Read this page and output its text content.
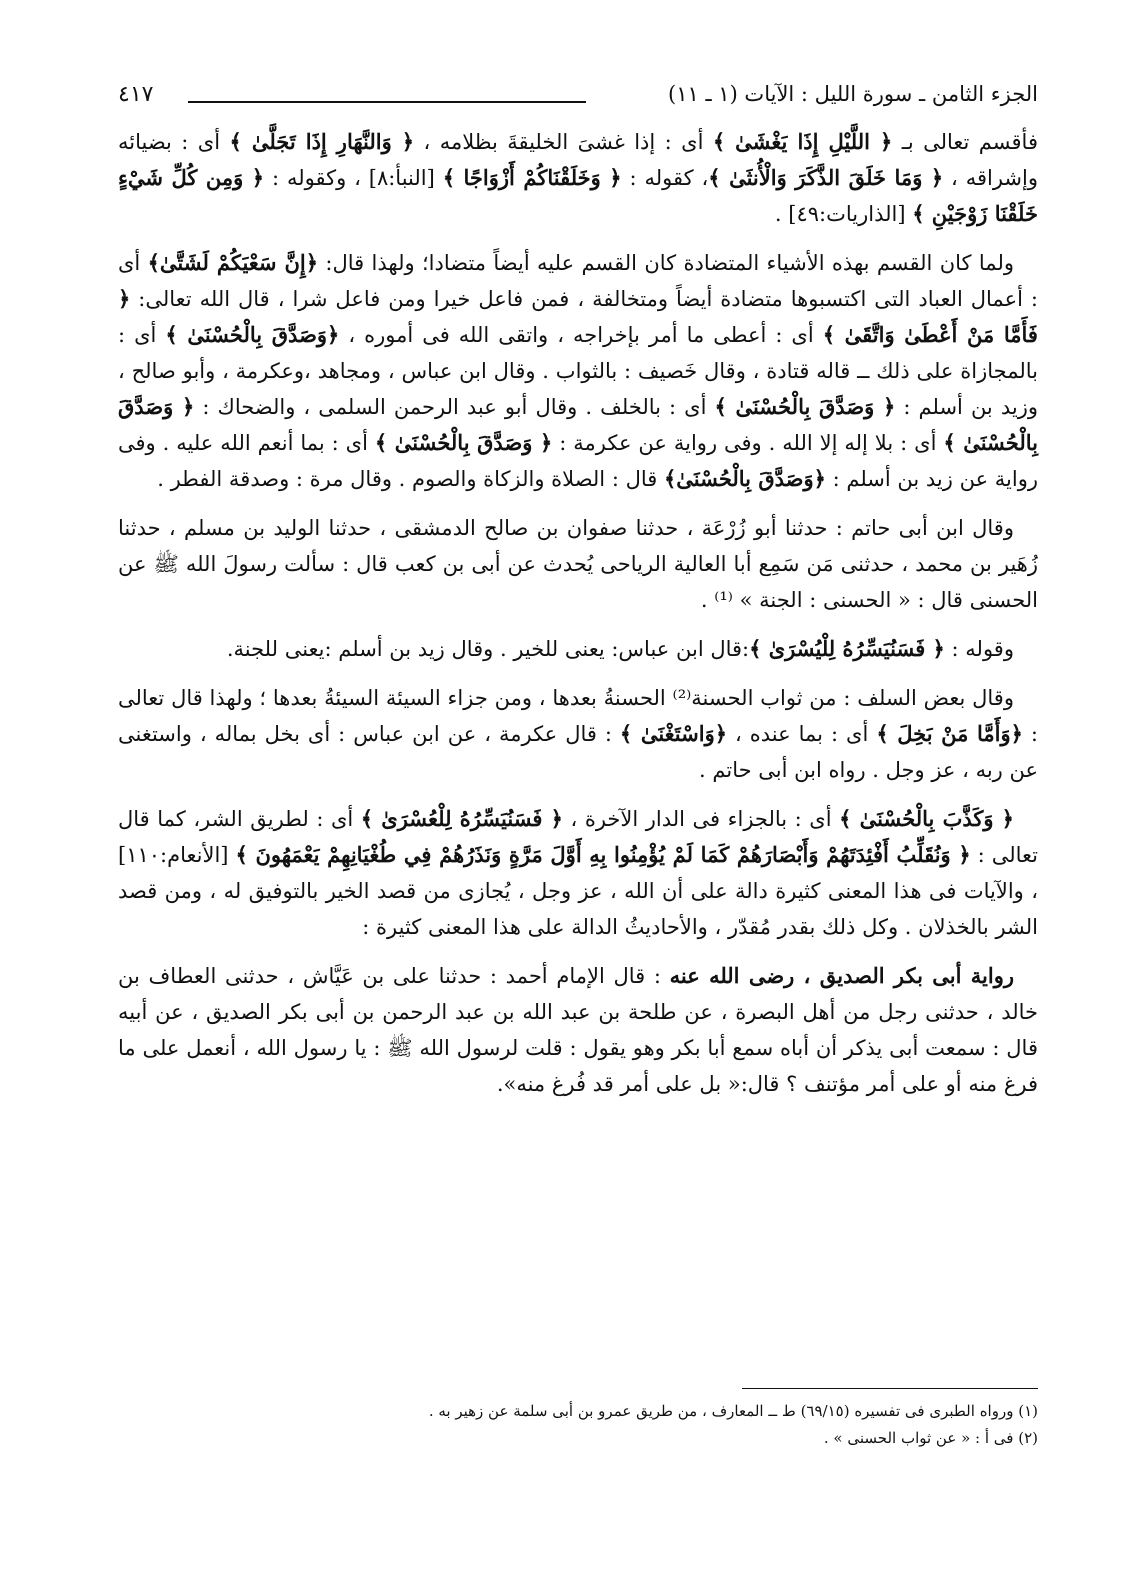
الجزء الثامن ـ سورة الليل : الآيات (١ ـ ١١)
٤١٧

فأقسم تعالى بـ ﴿ اللَّيْلِ إِذَا يَغْشَىٰ ﴾ أى : إذا غشىَ الخليقةَ بظلامه ، ﴿ وَالنَّهَارِ إِذَا تَجَلَّىٰ ﴾ أى : بضيائه وإشراقه ، ﴿ وَمَا خَلَقَ الذَّكَرَ وَالْأُنثَىٰ ﴾، كقوله : ﴿ وَخَلَقْنَاكُمْ أَزْوَاجًا ﴾ [النبأ:٨] ، وكقوله : ﴿ وَمِن كُلِّ شَيْءٍ خَلَقْنَا زَوْجَيْنِ ﴾ [الذاريات:٤٩] .

ولما كان القسم بهذه الأشياء المتضادة كان القسم عليه أيضاً متضادا؛ ولهذا قال: ﴿إِنَّ سَعْيَكُمْ لَشَتَّىٰ﴾ أى : أعمال العباد التى اكتسبوها متضادة أيضاً ومتخالفة ، فمن فاعل خيرا ومن فاعل شرا ، قال الله تعالى: ﴿ فَأَمَّا مَنْ أَعْطَىٰ وَاتَّقَىٰ ﴾ أى : أعطى ما أمر بإخراجه ، واتقى الله فى أموره ، ﴿وَصَدَّقَ بِالْحُسْنَىٰ ﴾ أى : بالمجازاة على ذلك ــ قاله قتادة ، وقال خَصيف : بالثواب . وقال ابن عباس ، ومجاهد ،وعكرمة ، وأبو صالح ، وزيد بن أسلم : ﴿ وَصَدَّقَ بِالْحُسْنَىٰ ﴾ أى : بالخلف . وقال أبو عبد الرحمن السلمى ، والضحاك : ﴿ وَصَدَّقَ بِالْحُسْنَىٰ ﴾ أى : بلا إله إلا الله . وفى رواية عن عكرمة : ﴿ وَصَدَّقَ بِالْحُسْنَىٰ ﴾ أى : بما أنعم الله عليه . وفى رواية عن زيد بن أسلم : ﴿وَصَدَّقَ بِالْحُسْنَىٰ﴾ قال : الصلاة والزكاة والصوم . وقال مرة : وصدقة الفطر .

وقال ابن أبى حاتم : حدثنا أبو زُرْعَة ، حدثنا صفوان بن صالح الدمشقى ، حدثنا الوليد بن مسلم ، حدثنا زُهَير بن محمد ، حدثنى مَن سَمِع أبا العالية الرياحى يُحدث عن أبى بن كعب قال : سألت رسولَ الله ﷺ عن الحسنى قال : « الحسنى : الجنة » ⁽¹⁾ .

وقوله : ﴿ فَسَنُيَسِّرُهُ لِلْيُسْرَىٰ ﴾:قال ابن عباس: يعنى للخير . وقال زيد بن أسلم :يعنى للجنة.

وقال بعض السلف : من ثواب الحسنة⁽²⁾ الحسنةُ بعدها ، ومن جزاء السيئة السيئةُ بعدها ؛ ولهذا قال تعالى : ﴿وَأَمَّا مَنْ بَخِلَ ﴾ أى : بما عنده ، ﴿وَاسْتَغْنَىٰ ﴾ : قال عكرمة ، عن ابن عباس : أى بخل بماله ، واستغنى عن ربه ، عز وجل . رواه ابن أبى حاتم .

﴿ وَكَذَّبَ بِالْحُسْنَىٰ ﴾ أى : بالجزاء فى الدار الآخرة ، ﴿ فَسَنُيَسِّرُهُ لِلْعُسْرَىٰ ﴾ أى : لطريق الشر، كما قال تعالى : ﴿ وَنُقَلِّبُ أَفْئِدَتَهُمْ وَأَبْصَارَهُمْ كَمَا لَمْ يُؤْمِنُوا بِهِ أَوَّلَ مَرَّةٍ وَنَذَرُهُمْ فِي طُغْيَانِهِمْ يَعْمَهُونَ ﴾ [الأنعام:١١٠] ، والآيات فى هذا المعنى كثيرة دالة على أن الله ، عز وجل ، يُجازى من قصد الخير بالتوفيق له ، ومن قصد الشر بالخذلان . وكل ذلك بقدر مُقدّر ، والأحاديثُ الدالة على هذا المعنى كثيرة :

رواية أبى بكر الصديق ، رضى الله عنه : قال الإمام أحمد : حدثنا على بن عَيَّاش ، حدثنى العطاف بن خالد ، حدثنى رجل من أهل البصرة ، عن طلحة بن عبد الله بن عبد الرحمن بن أبى بكر الصديق ، عن أبيه قال : سمعت أبى يذكر أن أباه سمع أبا بكر وهو يقول : قلت لرسول الله ﷺ : يا رسول الله ، أنعمل على ما فرغ منه أو على أمر مؤتنف ؟ قال:« بل على أمر قد فُرغ منه».

(١) ورواه الطبرى فى تفسيره (٦٩/١٥) ط ــ المعارف ، من طريق عمرو بن أبى سلمة عن زهير به .
(٢) فى أ : « عن ثواب الحسنى » .
